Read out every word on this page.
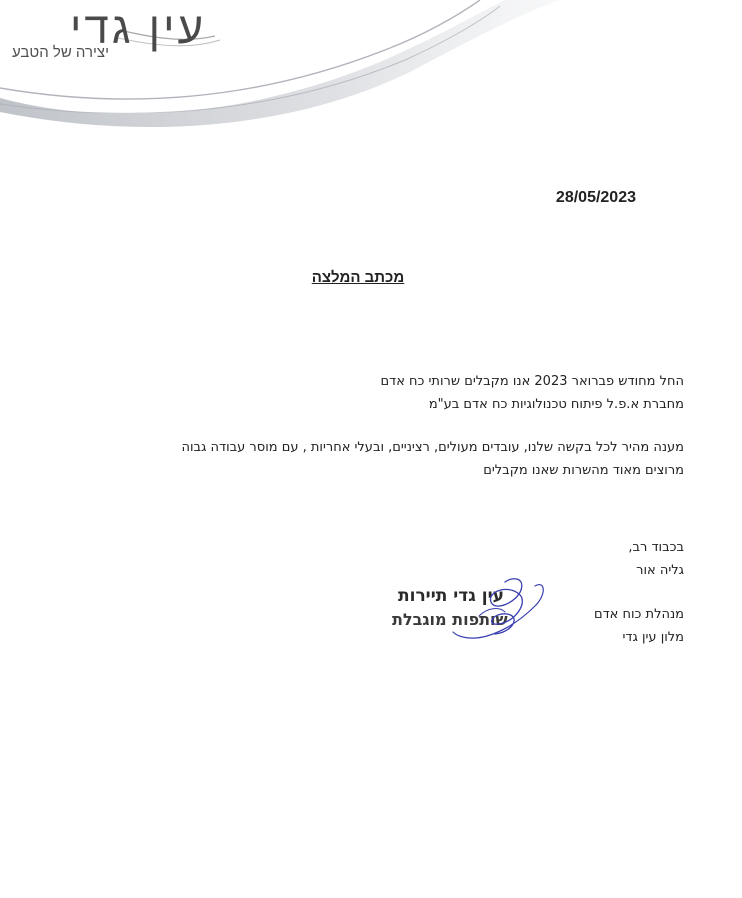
עין גדי
יצירה של הטבע
28/05/2023
מכתב המלצה
החל מחודש פברואר 2023 אנו מקבלים שרותי כח אדם
מחברת א.פ.ל פיתוח טכנולוגיות כח אדם בע"מ
מענה מהיר לכל בקשה שלנו, עובדים מעולים, רציניים, ובעלי אחריות , עם מוסר עבודה גבוה
מרוצים מאוד מהשרות שאנו מקבלים
בכבוד רב,
גליה אור
מנהלת כוח אדם
מלון עין גדי
עין גדי תיירות
שותפות מוגבלת
